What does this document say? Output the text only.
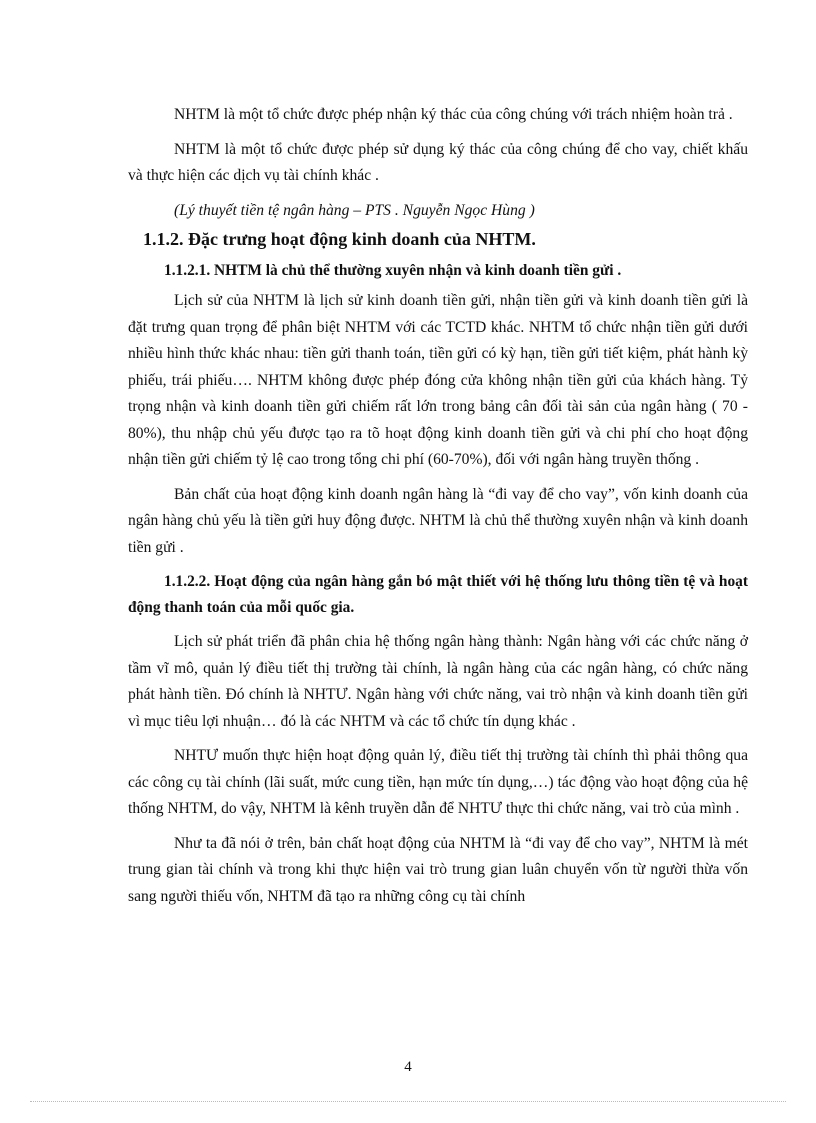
NHTM là một tổ chức được phép nhận ký thác của công chúng với trách nhiệm hoàn trả .

NHTM là một tổ chức được phép sử dụng ký thác của công chúng để cho vay, chiết khấu và thực hiện các dịch vụ tài chính khác .

(Lý thuyết tiền tệ ngân hàng – PTS . Nguyễn Ngọc Hùng )

1.1.2. Đặc trưng hoạt động kinh doanh của NHTM.

1.1.2.1. NHTM là chủ thể thường xuyên nhận và kinh doanh tiền gửi .

Lịch sử của NHTM là lịch sử kinh doanh tiền gửi, nhận tiền gửi và kinh doanh tiền gửi là đặt trưng quan trọng để phân biệt NHTM với các TCTD khác. NHTM tổ chức nhận tiền gửi dưới nhiều hình thức khác nhau: tiền gửi thanh toán, tiền gửi có kỳ hạn, tiền gửi tiết kiệm, phát hành kỳ phiếu, trái phiếu…. NHTM không được phép đóng cửa không nhận tiền gửi của khách hàng. Tỷ trọng nhận và kinh doanh tiền gửi chiếm rất lớn trong bảng cân đối tài sản của ngân hàng ( 70 - 80%), thu nhập chủ yếu được tạo ra tõ hoạt động kinh doanh tiền gửi và chi phí cho hoạt động nhận tiền gửi chiếm tỷ lệ cao trong tổng chi phí (60-70%), đối với ngân hàng truyền thống .

Bản chất của hoạt động kinh doanh ngân hàng là “đi vay để cho vay”, vốn kinh doanh của ngân hàng chủ yếu là tiền gửi huy động được. NHTM là chủ thể thường xuyên nhận và kinh doanh tiền gửi .

1.1.2.2. Hoạt động của ngân hàng gắn bó mật thiết với hệ thống lưu thông tiền tệ và hoạt động thanh toán của mỗi quốc gia.

Lịch sử phát triển đã phân chia hệ thống ngân hàng thành: Ngân hàng với các chức năng ở tầm vĩ mô, quản lý điều tiết thị trường tài chính, là ngân hàng của các ngân hàng, có chức năng phát hành tiền. Đó chính là NHTƯ. Ngân hàng với chức năng, vai trò nhận và kinh doanh tiền gửi vì mục tiêu lợi nhuận… đó là các NHTM và các tổ chức tín dụng khác .

NHTƯ muốn thực hiện hoạt động quản lý, điều tiết thị trường tài chính thì phải thông qua các công cụ tài chính (lãi suất, mức cung tiền, hạn mức tín dụng,…) tác động vào hoạt động của hệ thống NHTM, do vậy, NHTM là kênh truyền dẫn để NHTƯ thực thi chức năng, vai trò của mình .

Như ta đã nói ở trên, bản chất hoạt động của NHTM là “đi vay để cho vay”, NHTM là mét trung gian tài chính và trong khi thực hiện vai trò trung gian luân chuyển vốn từ người thừa vốn sang người thiếu vốn, NHTM đã tạo ra những công cụ tài chính

4
